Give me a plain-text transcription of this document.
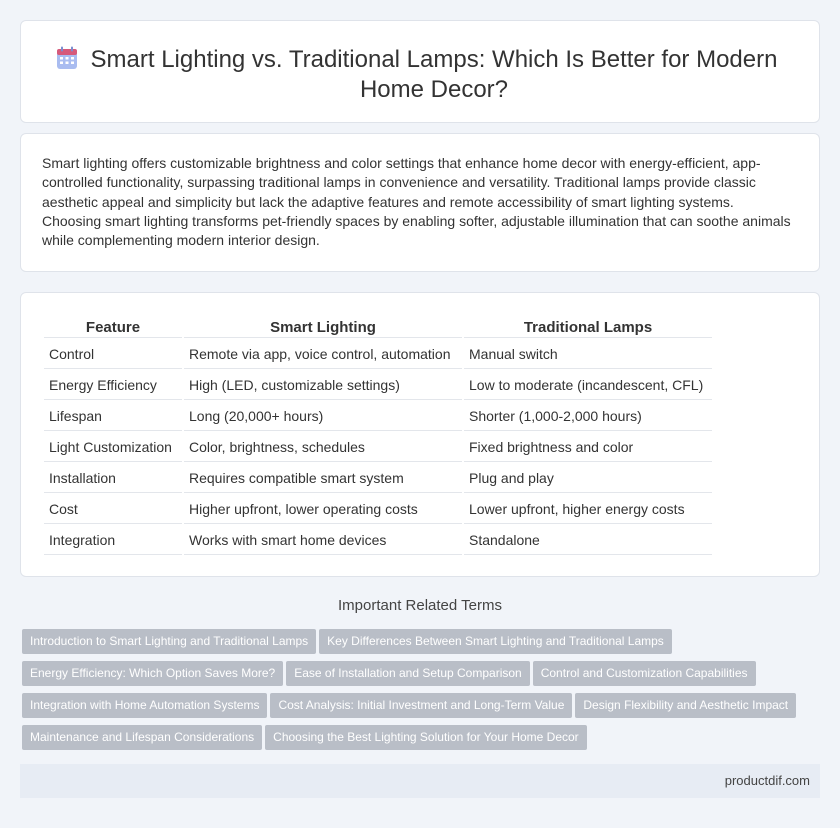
Smart Lighting vs. Traditional Lamps: Which Is Better for Modern Home Decor?

Smart lighting offers customizable brightness and color settings that enhance home decor with energy-efficient, app-controlled functionality, surpassing traditional lamps in convenience and versatility. Traditional lamps provide classic aesthetic appeal and simplicity but lack the adaptive features and remote accessibility of smart lighting systems. Choosing smart lighting transforms pet-friendly spaces by enabling softer, adjustable illumination that can soothe animals while complementing modern interior design.

Feature	Smart Lighting	Traditional Lamps
Control	Remote via app, voice control, automation	Manual switch
Energy Efficiency	High (LED, customizable settings)	Low to moderate (incandescent, CFL)
Lifespan	Long (20,000+ hours)	Shorter (1,000-2,000 hours)
Light Customization	Color, brightness, schedules	Fixed brightness and color
Installation	Requires compatible smart system	Plug and play
Cost	Higher upfront, lower operating costs	Lower upfront, higher energy costs
Integration	Works with smart home devices	Standalone
Important Related Terms
Introduction to Smart Lighting and Traditional Lamps Key Differences Between Smart Lighting and Traditional Lamps
Energy Efficiency: Which Option Saves More? Ease of Installation and Setup Comparison Control and Customization Capabilities
Integration with Home Automation Systems Cost Analysis: Initial Investment and Long-Term Value Design Flexibility and Aesthetic Impact
Maintenance and Lifespan Considerations Choosing the Best Lighting Solution for Your Home Decor
productdif.com
